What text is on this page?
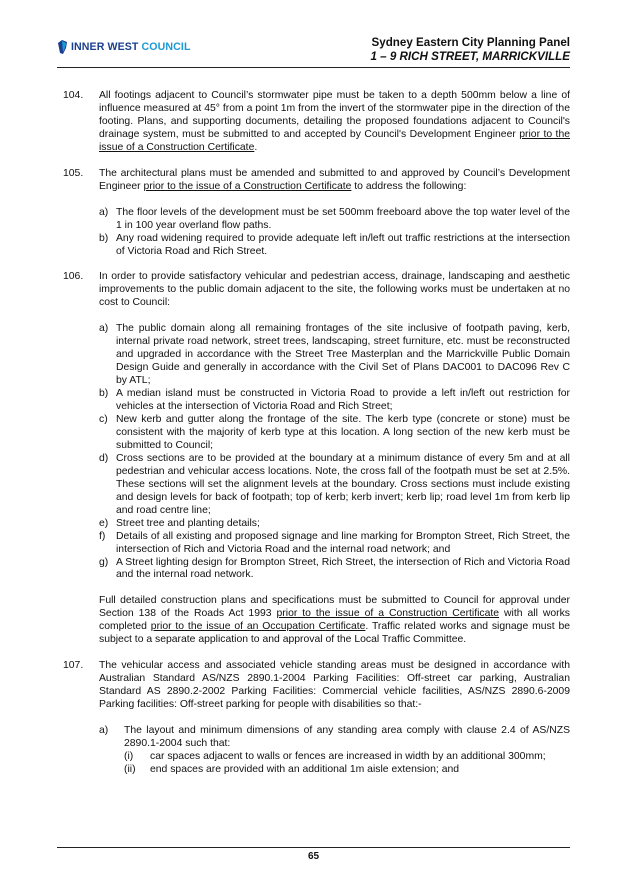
INNER WEST COUNCIL	Sydney Eastern City Planning Panel
1 – 9 RICH STREET, MARRICKVILLE
104. All footings adjacent to Council’s stormwater pipe must be taken to a depth 500mm below a line of influence measured at 45° from a point 1m from the invert of the stormwater pipe in the direction of the footing. Plans, and supporting documents, detailing the proposed foundations adjacent to Council's drainage system, must be submitted to and accepted by Council's Development Engineer prior to the issue of a Construction Certificate.
105. The architectural plans must be amended and submitted to and approved by Council’s Development Engineer prior to the issue of a Construction Certificate to address the following:
a) The floor levels of the development must be set 500mm freeboard above the top water level of the 1 in 100 year overland flow paths.
b) Any road widening required to provide adequate left in/left out traffic restrictions at the intersection of Victoria Road and Rich Street.
106. In order to provide satisfactory vehicular and pedestrian access, drainage, landscaping and aesthetic improvements to the public domain adjacent to the site, the following works must be undertaken at no cost to Council:
a) The public domain along all remaining frontages of the site inclusive of footpath paving, kerb, internal private road network, street trees, landscaping, street furniture, etc. must be reconstructed and upgraded in accordance with the Street Tree Masterplan and the Marrickville Public Domain Design Guide and generally in accordance with the Civil Set of Plans DAC001 to DAC096 Rev C by ATL;
b) A median island must be constructed in Victoria Road to provide a left in/left out restriction for vehicles at the intersection of Victoria Road and Rich Street;
c) New kerb and gutter along the frontage of the site. The kerb type (concrete or stone) must be consistent with the majority of kerb type at this location. A long section of the new kerb must be submitted to Council;
d) Cross sections are to be provided at the boundary at a minimum distance of every 5m and at all pedestrian and vehicular access locations. Note, the cross fall of the footpath must be set at 2.5%. These sections will set the alignment levels at the boundary. Cross sections must include existing and design levels for back of footpath; top of kerb; kerb invert; kerb lip; road level 1m from kerb lip and road centre line;
e) Street tree and planting details;
f) Details of all existing and proposed signage and line marking for Brompton Street, Rich Street, the intersection of Rich and Victoria Road and the internal road network; and
g) A Street lighting design for Brompton Street, Rich Street, the intersection of Rich and Victoria Road and the internal road network.
Full detailed construction plans and specifications must be submitted to Council for approval under Section 138 of the Roads Act 1993 prior to the issue of a Construction Certificate with all works completed prior to the issue of an Occupation Certificate. Traffic related works and signage must be subject to a separate application to and approval of the Local Traffic Committee.
107. The vehicular access and associated vehicle standing areas must be designed in accordance with Australian Standard AS/NZS 2890.1-2004 Parking Facilities: Off-street car parking, Australian Standard AS 2890.2-2002 Parking Facilities: Commercial vehicle facilities, AS/NZS 2890.6-2009 Parking facilities: Off-street parking for people with disabilities so that:-
a) The layout and minimum dimensions of any standing area comply with clause 2.4 of AS/NZS 2890.1-2004 such that:
(i) car spaces adjacent to walls or fences are increased in width by an additional 300mm;
(ii) end spaces are provided with an additional 1m aisle extension; and
65
